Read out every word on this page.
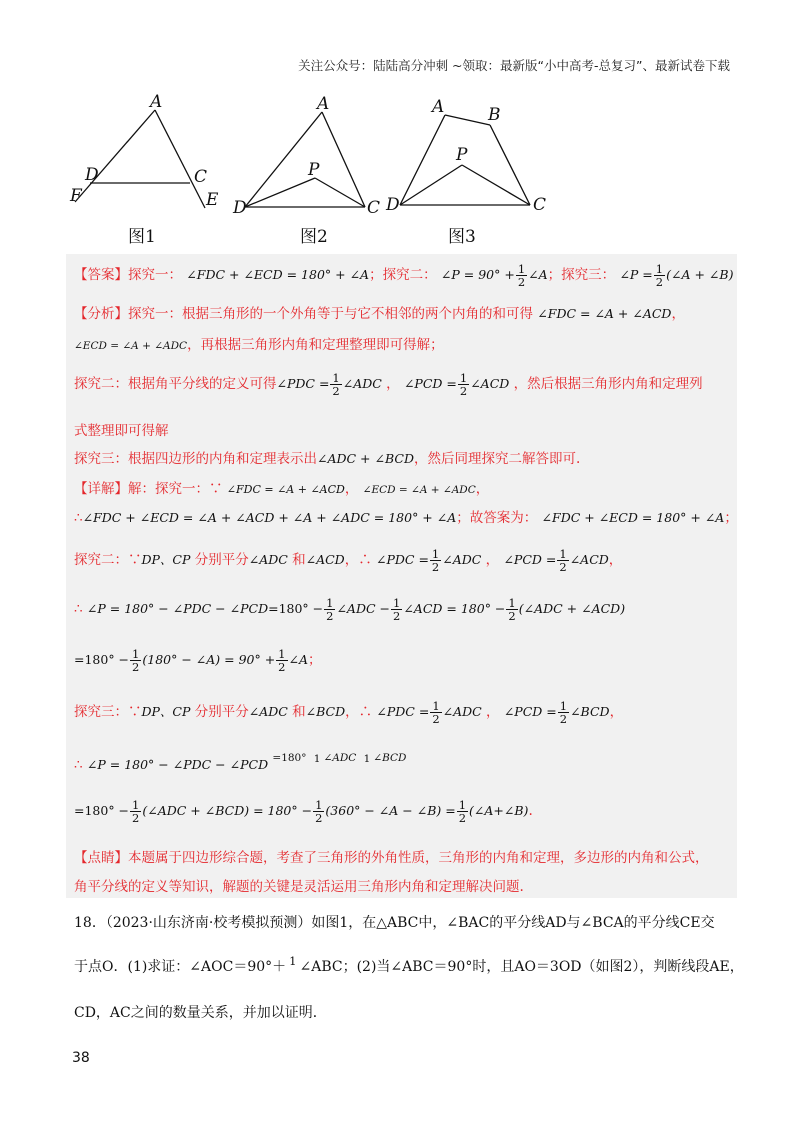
关注公众号：陆陆高分冲刺 ~领取：最新版“小中高考-总复习”、最新试卷下载
A
D	C
F	E
A
P
D	C
A	B
P
D	C
图1	图2	图3
【答案】探究一： ∠FDC + ∠ECD = 180° + ∠A；探究二： ∠P = $90^\circ + \frac{1}{2}$ ∠A；探究三： ∠P = $\frac{1}{2}$ (∠A + ∠B)
【分析】探究一：根据三角形的一个外角等于与它不相邻的两个内角的和可得 ∠FDC = ∠A + ∠ACD，
∠ECD = ∠A + ∠ADC，再根据三角形内角和定理整理即可得解；
探究二：根据角平分线的定义可得∠PDC = $\frac{1}{2}$ ∠ADC ， ∠PCD = $\frac{1}{2}$ ∠ACD ，然后根据三角形内角和定理列
式整理即可得解
探究三：根据四边形的内角和定理表示出∠ADC + ∠BCD，然后同理探究二解答即可.
【详解】解：探究一：∵ ∠FDC = ∠A + ∠ACD， ∠ECD = ∠A + ∠ADC，
∴∠FDC + ∠ECD = ∠A + ∠ACD + ∠A + ∠ADC = 180° + ∠A；故答案为： ∠FDC + ∠ECD = 180° + ∠A；
探究二：∵DP、CP 分别平分∠ADC 和∠ACD，∴ ∠PDC = $\frac{1}{2}$ ∠ADC ， ∠PCD = $\frac{1}{2}$ ∠ACD，
∴ ∠P = 180° − ∠PDC − ∠PCD=180° − $\frac{1}{2}$ ∠ADC − $\frac{1}{2}$ ∠ACD = $180^\circ - \frac{1}{2}$ (∠ADC + ∠ACD)
$=180^\circ - \frac{1}{2} (180^\circ$ − ∠A) = $90^\circ + \frac{1}{2}$ ∠A；
探究三：∵DP、CP 分别平分∠ADC 和∠BCD，∴ ∠PDC = $\frac{1}{2}$ ∠ADC ， ∠PCD = $\frac{1}{2}$ ∠BCD，
∴ ∠P = 180° − ∠PDC − ∠PCD $^{=180^\circ}$ 1 $^{\angle ADC}$ 1 $^{\angle BCD}$
$=180^\circ - \frac{1}{2}$ (∠ADC + ∠BCD) = $180^\circ - \frac{1}{2} (360^\circ$ − ∠A − ∠B) = $\frac{1}{2}$ (∠A+∠B).
【点睛】本题属于四边形综合题，考查了三角形的外角性质，三角形的内角和定理，多边形的内角和公式，
角平分线的定义等知识，解题的关键是灵活运用三角形内角和定理解决问题.
18．（2023·山东济南·校考模拟预测）如图1，在△ABC中，∠BAC的平分线AD与∠BCA的平分线CE交
于点O．(1)求证：∠AOC＝90°＋ 1 ∠ABC；(2)当∠ABC＝90°时，且AO＝3OD（如图2），判断线段AE，
CD，AC之间的数量关系，并加以证明．
38
